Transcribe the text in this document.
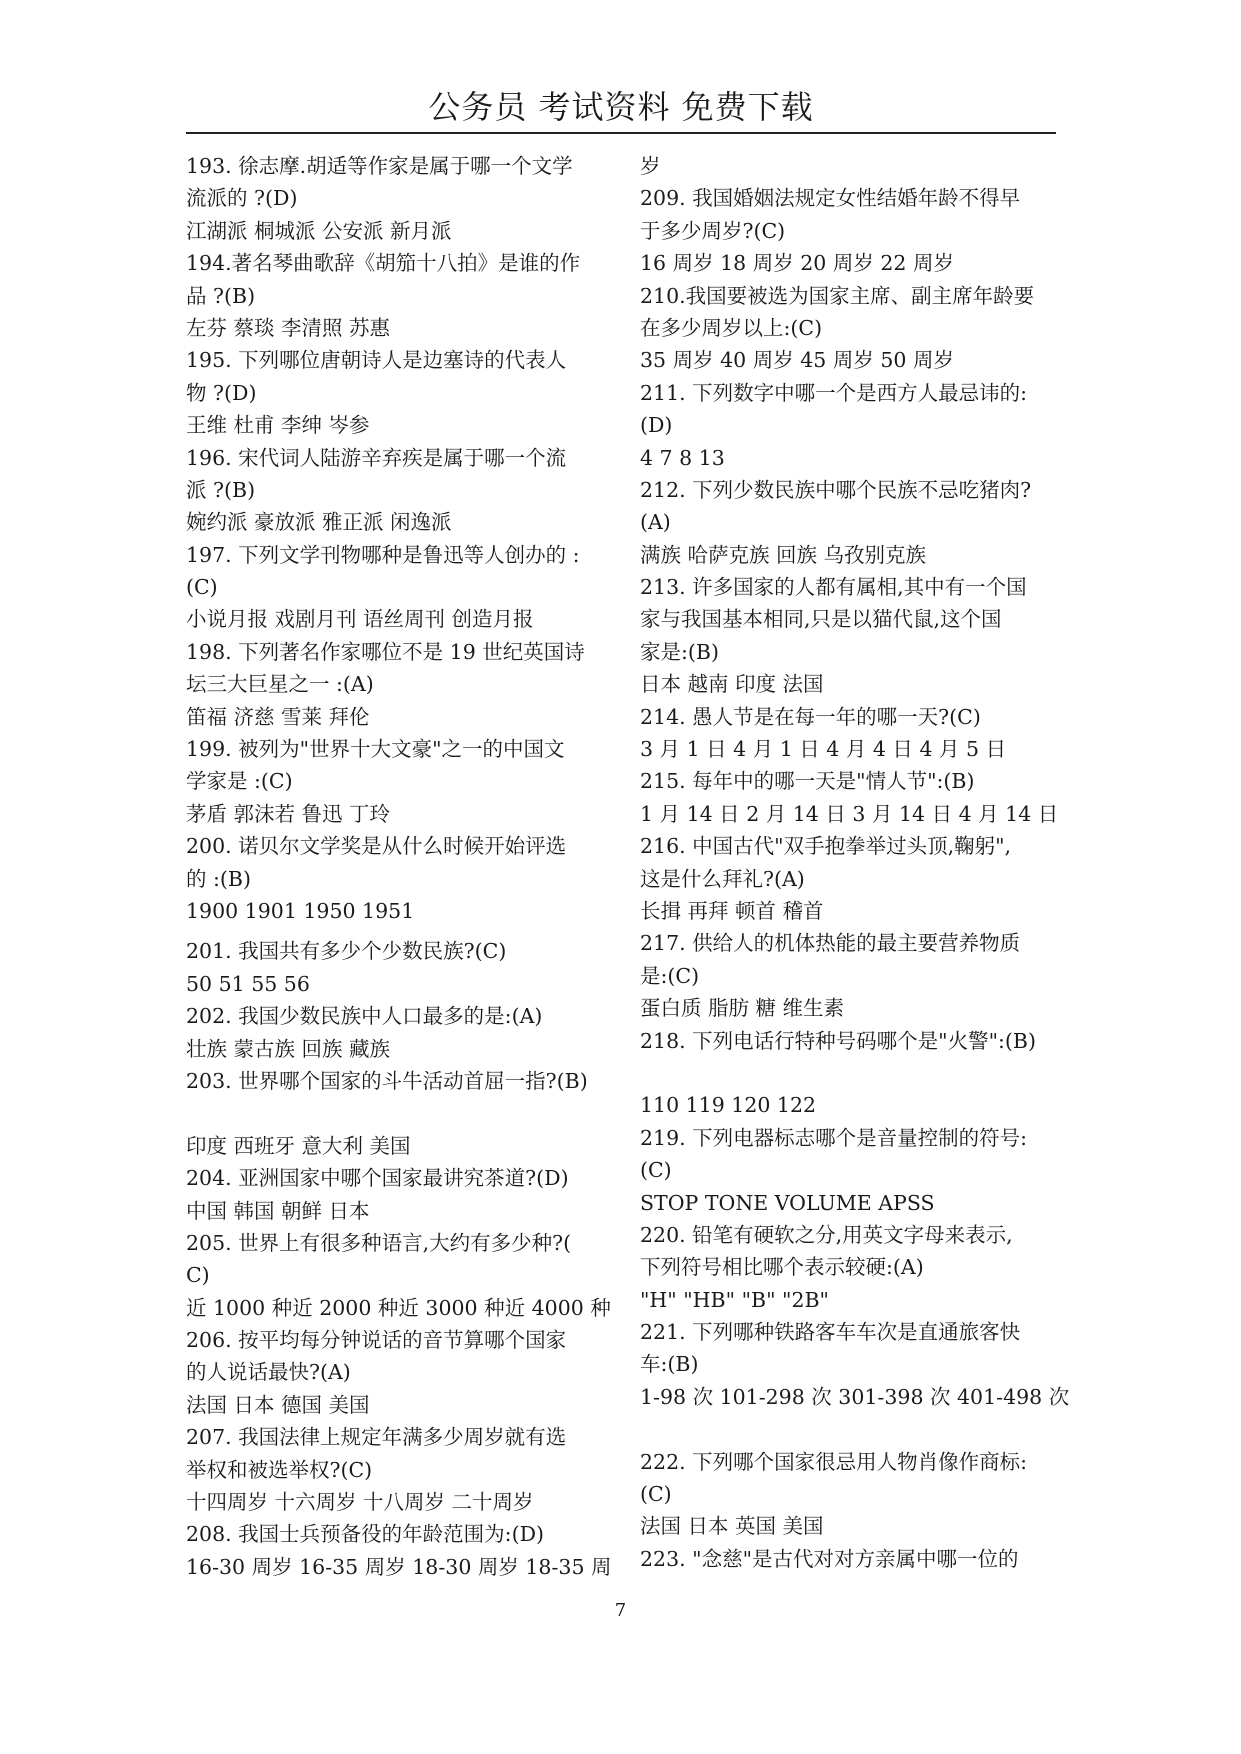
公务员 考试资料 免费下载
193. 徐志摩.胡适等作家是属于哪一个文学
流派的 ?(D)
江湖派 桐城派 公安派 新月派
194.著名琴曲歌辞《胡笳十八拍》是谁的作
品 ?(B)
左芬 蔡琰 李清照 苏惠
195. 下列哪位唐朝诗人是边塞诗的代表人
物 ?(D)
王维 杜甫 李绅 岑参
196. 宋代词人陆游辛弃疾是属于哪一个流
派 ?(B)
婉约派 豪放派 雅正派 闲逸派
197. 下列文学刊物哪种是鲁迅等人创办的 :
(C)
小说月报 戏剧月刊 语丝周刊 创造月报
198. 下列著名作家哪位不是 19 世纪英国诗
坛三大巨星之一 :(A)
笛福 济慈 雪莱 拜伦
199. 被列为"世界十大文豪"之一的中国文
学家是 :(C)
茅盾 郭沫若 鲁迅 丁玲
200. 诺贝尔文学奖是从什么时候开始评选
的 :(B)
1900 1901 1950 1951
201. 我国共有多少个少数民族?(C)
50 51 55 56
202. 我国少数民族中人口最多的是:(A)
壮族 蒙古族 回族 藏族
203. 世界哪个国家的斗牛活动首屈一指?(B)
印度 西班牙 意大利 美国
204. 亚洲国家中哪个国家最讲究茶道?(D)
中国 韩国 朝鲜 日本
205. 世界上有很多种语言,大约有多少种?(
C)
近 1000 种近 2000 种近 3000 种近 4000 种
206. 按平均每分钟说话的音节算哪个国家
的人说话最快?(A)
法国 日本 德国 美国
207. 我国法律上规定年满多少周岁就有选
举权和被选举权?(C)
十四周岁 十六周岁 十八周岁 二十周岁
208. 我国士兵预备役的年龄范围为:(D)
16-30 周岁 16-35 周岁 18-30 周岁 18-35 周
岁
209. 我国婚姻法规定女性结婚年龄不得早
于多少周岁?(C)
16 周岁 18 周岁 20 周岁 22 周岁
210.我国要被选为国家主席、副主席年龄要
在多少周岁以上:(C)
35 周岁 40 周岁 45 周岁 50 周岁
211. 下列数字中哪一个是西方人最忌讳的:
(D)
4 7 8 13
212. 下列少数民族中哪个民族不忌吃猪肉?
(A)
满族 哈萨克族 回族 乌孜别克族
213. 许多国家的人都有属相,其中有一个国
家与我国基本相同,只是以猫代鼠,这个国
家是:(B)
日本 越南 印度 法国
214. 愚人节是在每一年的哪一天?(C)
3 月 1 日 4 月 1 日 4 月 4 日 4 月 5 日
215. 每年中的哪一天是"情人节":(B)
1 月 14 日 2 月 14 日 3 月 14 日 4 月 14 日
216. 中国古代"双手抱拳举过头顶,鞠躬",
这是什么拜礼?(A)
长揖 再拜 顿首 稽首
217. 供给人的机体热能的最主要营养物质
是:(C)
蛋白质 脂肪 糖 维生素
218. 下列电话行特种号码哪个是"火警":(B)
110 119 120 122
219. 下列电器标志哪个是音量控制的符号:
(C)
STOP TONE VOLUME APSS
220. 铅笔有硬软之分,用英文字母来表示,
下列符号相比哪个表示较硬:(A)
"H" "HB" "B" "2B"
221. 下列哪种铁路客车车次是直通旅客快
车:(B)
1-98 次 101-298 次 301-398 次 401-498 次
222. 下列哪个国家很忌用人物肖像作商标:
(C)
法国 日本 英国 美国
223. "念慈"是古代对对方亲属中哪一位的
7
